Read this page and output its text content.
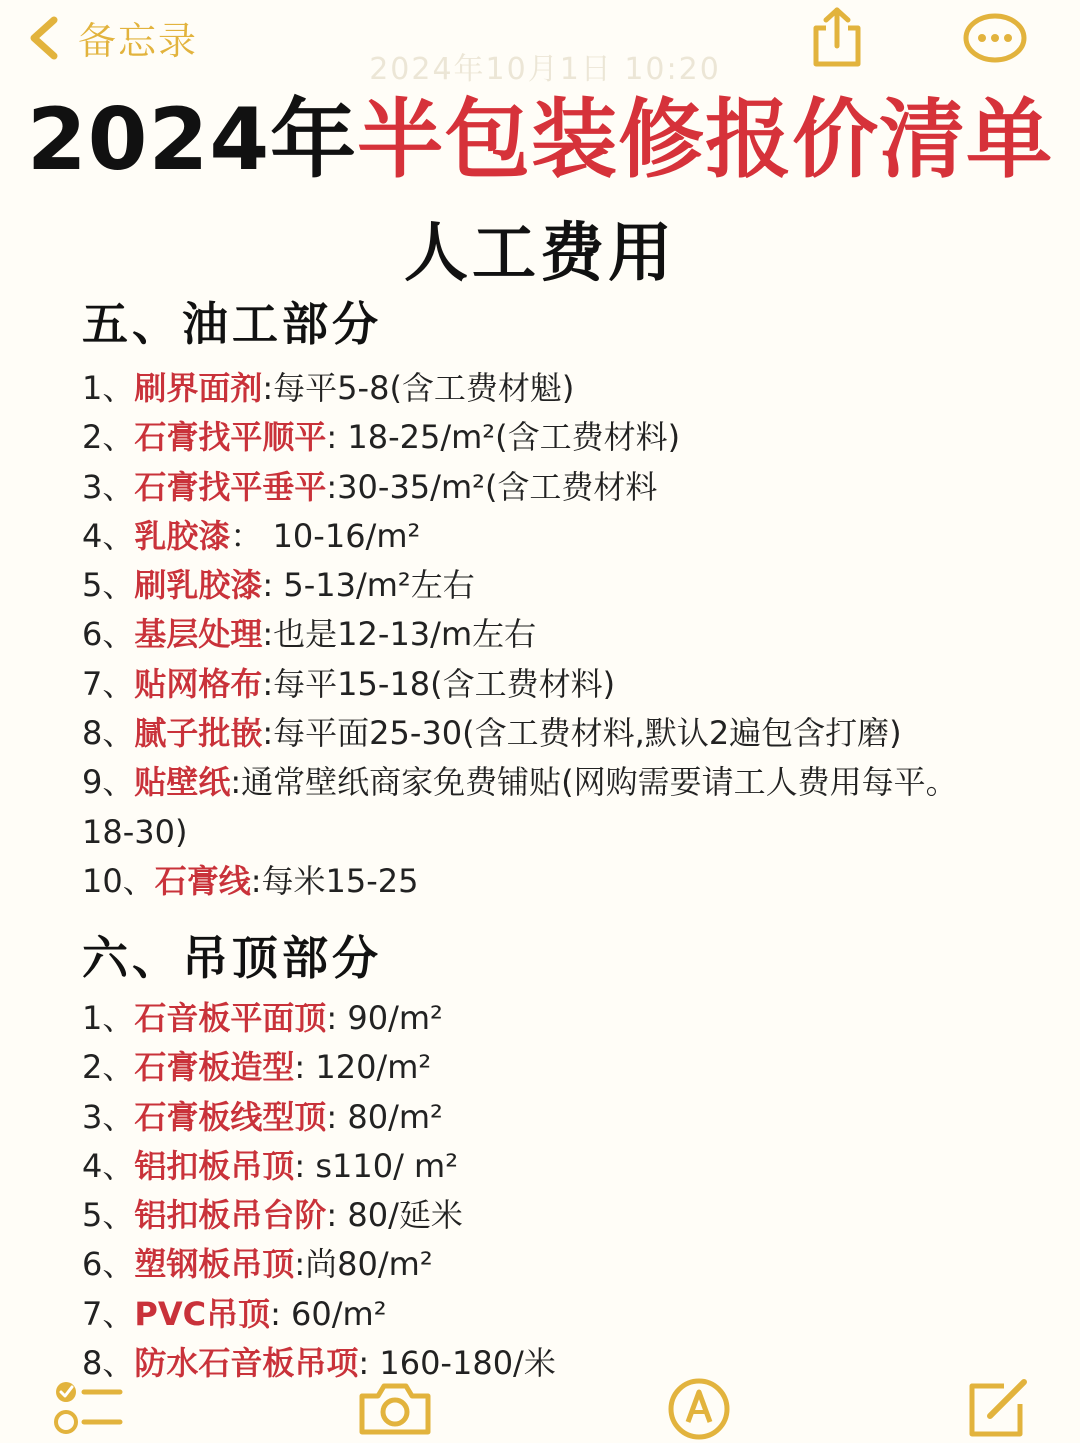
备忘录
2024年10月1日 10:20
2024年半包装修报价清单
人工费用
五、油工部分
1、刷界面剂:每平5-8(含工费材魁)
2、石膏找平顺平: 18-25/m²(含工费材料)
3、石膏找平垂平:30-35/m²(含工费材料
4、乳胶漆： 10-16/m²
5、刷乳胶漆: 5-13/m²左右
6、基层处理:也是12-13/m左右
7、贴网格布:每平15-18(含工费材料)
8、腻子批嵌:每平面25-30(含工费材料,默认2遍包含打磨)
9、贴壁纸:通常壁纸商家免费铺贴(网购需要请工人费用每平。18-30)
10、石膏线:每米15-25
六、吊顶部分
1、石音板平面顶: 90/m²
2、石膏板造型: 120/m²
3、石膏板线型顶: 80/m²
4、铝扣板吊顶: s110/ m²
5、铝扣板吊台阶: 80/延米
6、塑钢板吊顶:尚80/m²
7、PVC吊顶: 60/m²
8、防水石音板吊项: 160-180/米
